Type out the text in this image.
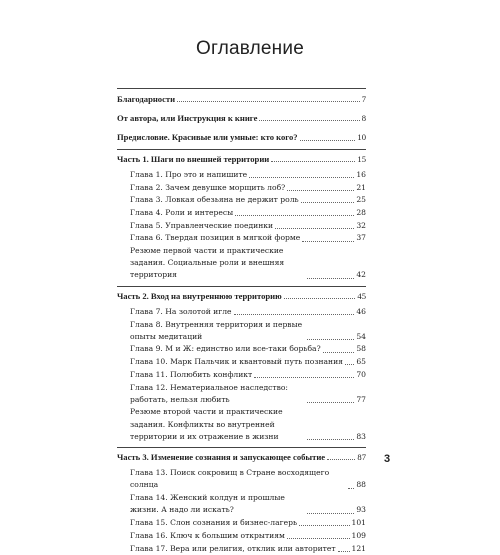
Оглавление
Благодарности	7
От автора, или Инструкция к книге	8
Предисловие. Красивые или умные: кто кого?	10
Часть 1. Шаги по внешней территории	15
Глава 1. Про это и напишите	16
Глава 2. Зачем девушке морщить лоб?	21
Глава 3. Ловкая обезьяна не держит роль	25
Глава 4. Роли и интересы	28
Глава 5. Управленческие поединки	32
Глава 6. Твердая позиция в мягкой форме	37
Резюме первой части и практические задания. Социальные роли и внешняя территория	42
Часть 2. Вход на внутреннюю территорию	45
Глава 7. На золотой игле	46
Глава 8. Внутренняя территория и первые опыты медитаций	54
Глава 9. М и Ж: единство или все-таки борьба?	58
Глава 10. Марк Пальчик и квантовый путь познания 65
Глава 11. Полюбить конфликт	70
Глава 12. Нематериальное наследство: работать, нельзя любить	77
Резюме второй части и практические задания. Конфликты во внутренней территории и их отражение в жизни	83
Часть 3. Изменение сознания и запускающее событие	87
Глава 13. Поиск сокровищ в Стране восходящего солнца	88
Глава 14. Женский колдун и прошлые жизни. А надо ли искать?	93
Глава 15. Слон сознания и бизнес-лагерь	101
Глава 16. Ключ к большим открытиям	109
Глава 17. Вера или религия, отклик или авторитет 121
3
